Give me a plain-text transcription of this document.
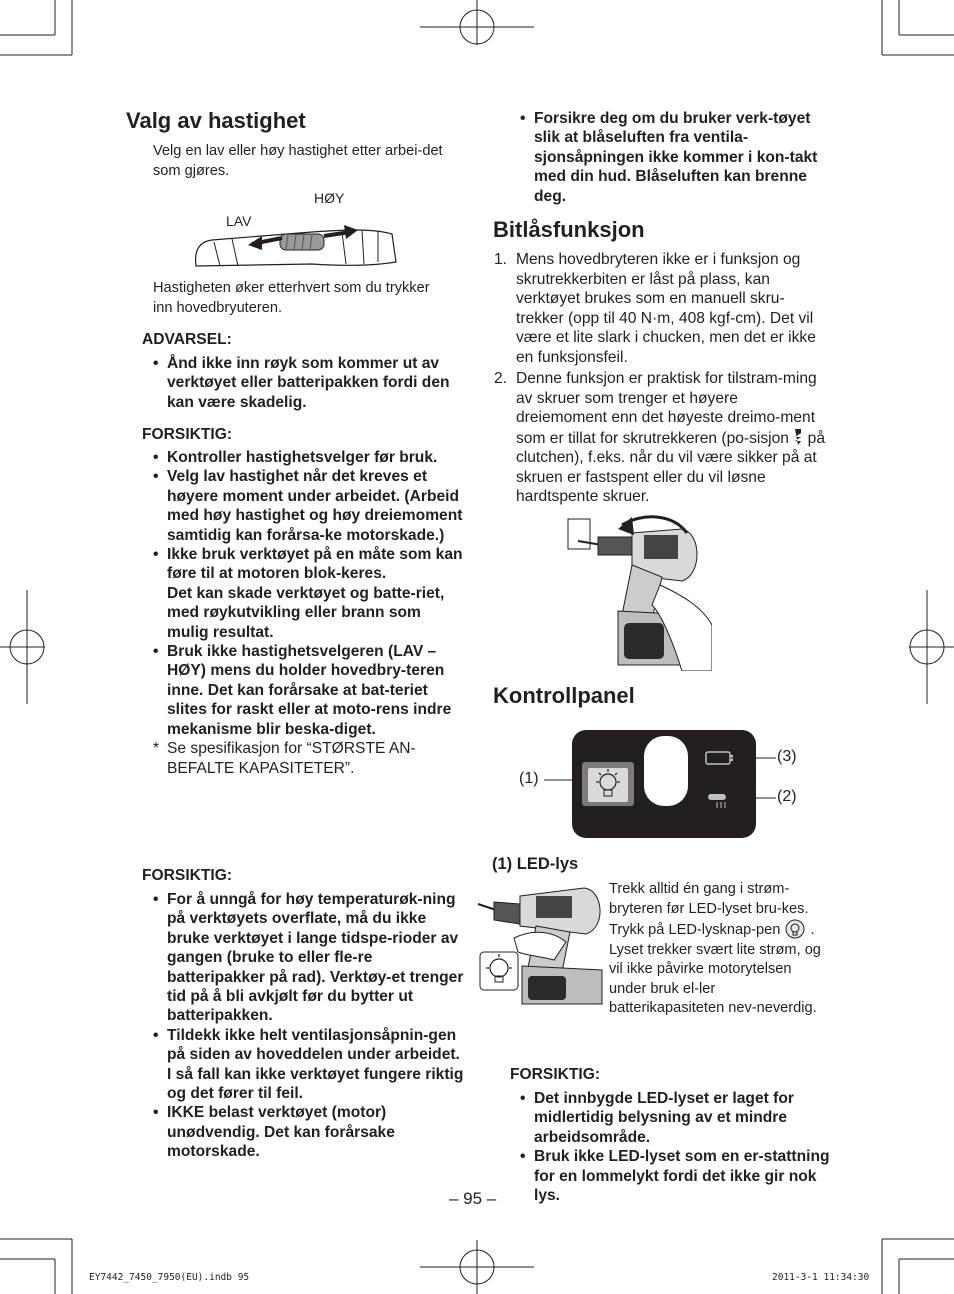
Valg av hastighet
Velg en lav eller høy hastighet etter arbei-det som gjøres.
HØY
LAV
Hastigheten øker etterhvert som du trykker inn hovedbryuteren.
ADVARSEL:
• Ånd ikke inn røyk som kommer ut av verktøyet eller batteripakken fordi den kan være skadelig.
FORSIKTIG:
• Kontroller hastighetsvelger før bruk.
• Velg lav hastighet når det kreves et høyere moment under arbeidet. (Arbeid med høy hastighet og høy dreiemoment samtidig kan forårsa-ke motorskade.)
• Ikke bruk verktøyet på en måte som kan føre til at motoren blok-keres.
Det kan skade verktøyet og batte-riet, med røykutvikling eller brann som mulig resultat.
• Bruk ikke hastighetsvelgeren (LAV – HØY) mens du holder hovedbry-teren inne. Det kan forårsake at bat-teriet slites for raskt eller at moto-rens indre mekanisme blir beska-diget.
* Se spesifikasjon for “STØRSTE AN-BEFALTE KAPASITETER”.
FORSIKTIG:
• For å unngå for høy temperaturøk-ning på verktøyets overflate, må du ikke bruke verktøyet i lange tidspe-rioder av gangen (bruke to eller fle-re batteripakker på rad). Verktøy-et trenger tid på å bli avkjølt før du bytter ut batteripakken.
• Tildekk ikke helt ventilasjonsåpnin-gen på siden av hoveddelen under arbeidet. I så fall kan ikke verktøyet fungere riktig og det fører til feil.
• IKKE belast verktøyet (motor) unødvendig. Det kan forårsake motorskade.
• Forsikre deg om du bruker verk-tøyet slik at blåseluften fra ventila-sjonsåpningen ikke kommer i kon-takt med din hud. Blåseluften kan brenne deg.
Bitlåsfunksjon
1. Mens hovedbryteren ikke er i funksjon og skrutrekkerbiten er låst på plass, kan verktøyet brukes som en manuell skru-trekker (opp til 40 N·m, 408 kgf-cm). Det vil være et lite slark i chucken, men det er ikke en funksjonsfeil.
2. Denne funksjon er praktisk for tilstram-ming av skruer som trenger et høyere dreiemoment enn det høyeste dreimo-ment som er tillat for skrutrekkeren (po-sisjon på clutchen), f.eks. når du vil være sikker på at skruen er fastspent eller du vil løsne hardtspente skruer.
Kontrollpanel
(1)
(3)
(2)
(1) LED-lys
Trekk alltid én gang i strøm-bryteren før LED-lyset bru-kes. Trykk på LED-lysknap-pen .
Lyset trekker svært lite strøm, og vil ikke påvirke motorytelsen under bruk el-ler batterikapasiteten nev-neverdig.
FORSIKTIG:
• Det innbygde LED-lyset er laget for midlertidig belysning av et mindre arbeidsområde.
• Bruk ikke LED-lyset som en er-stattning for en lommelykt fordi det ikke gir nok lys.
– 95 –
EY7442_7450_7950(EU).indb 95	2011-3-1 11:34:30
